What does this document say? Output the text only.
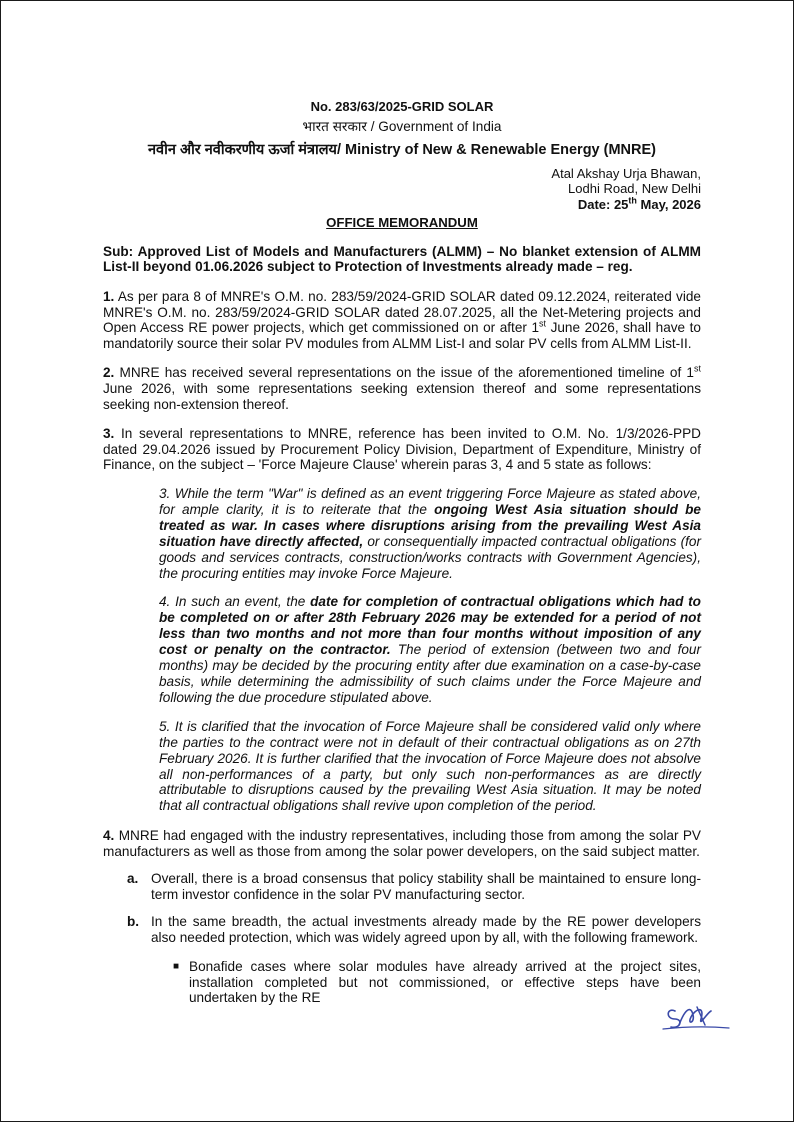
No. 283/63/2025-GRID SOLAR
भारत सरकार / Government of India
नवीन और नवीकरणीय ऊर्जा मंत्रालय/ Ministry of New & Renewable Energy (MNRE)
Atal Akshay Urja Bhawan,
Lodhi Road, New Delhi
Date: 25th May, 2026
OFFICE MEMORANDUM
Sub: Approved List of Models and Manufacturers (ALMM) – No blanket extension of ALMM List-II beyond 01.06.2026 subject to Protection of Investments already made – reg.

1. As per para 8 of MNRE's O.M. no. 283/59/2024-GRID SOLAR dated 09.12.2024, reiterated vide MNRE's O.M. no. 283/59/2024-GRID SOLAR dated 28.07.2025, all the Net-Metering projects and Open Access RE power projects, which get commissioned on or after 1st June 2026, shall have to mandatorily source their solar PV modules from ALMM List-I and solar PV cells from ALMM List-II.

2. MNRE has received several representations on the issue of the aforementioned timeline of 1st June 2026, with some representations seeking extension thereof and some representations seeking non-extension thereof.

3. In several representations to MNRE, reference has been invited to O.M. No. 1/3/2026-PPD dated 29.04.2026 issued by Procurement Policy Division, Department of Expenditure, Ministry of Finance, on the subject – 'Force Majeure Clause' wherein paras 3, 4 and 5 state as follows:

3. While the term "War" is defined as an event triggering Force Majeure as stated above, for ample clarity, it is to reiterate that the ongoing West Asia situation should be treated as war. In cases where disruptions arising from the prevailing West Asia situation have directly affected, or consequentially impacted contractual obligations (for goods and services contracts, construction/works contracts with Government Agencies), the procuring entities may invoke Force Majeure.
4. In such an event, the date for completion of contractual obligations which had to be completed on or after 28th February 2026 may be extended for a period of not less than two months and not more than four months without imposition of any cost or penalty on the contractor. The period of extension (between two and four months) may be decided by the procuring entity after due examination on a case-by-case basis, while determining the admissibility of such claims under the Force Majeure and following the due procedure stipulated above.
5. It is clarified that the invocation of Force Majeure shall be considered valid only where the parties to the contract were not in default of their contractual obligations as on 27th February 2026. It is further clarified that the invocation of Force Majeure does not absolve all non-performances of a party, but only such non-performances as are directly attributable to disruptions caused by the prevailing West Asia situation. It may be noted that all contractual obligations shall revive upon completion of the period.

4. MNRE had engaged with the industry representatives, including those from among the solar PV manufacturers as well as those from among the solar power developers, on the said subject matter.

a. Overall, there is a broad consensus that policy stability shall be maintained to ensure long-term investor confidence in the solar PV manufacturing sector.
b. In the same breadth, the actual investments already made by the RE power developers also needed protection, which was widely agreed upon by all, with the following framework.
■ Bonafide cases where solar modules have already arrived at the project sites, installation completed but not commissioned, or effective steps have been undertaken by the RE
